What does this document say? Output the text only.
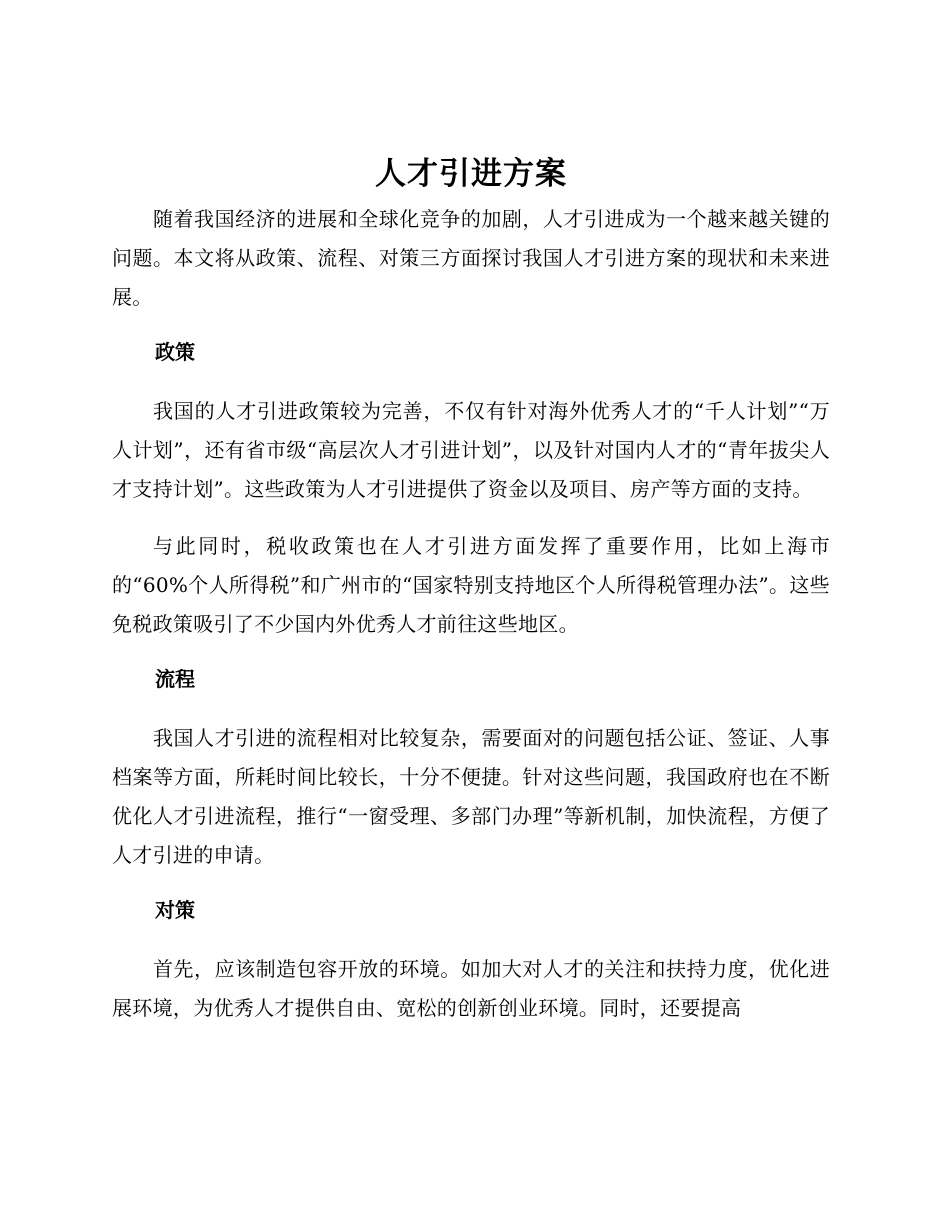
人才引进方案

随着我国经济的进展和全球化竞争的加剧，人才引进成为一个越来越关键的问题。本文将从政策、流程、对策三方面探讨我国人才引进方案的现状和未来进展。

政策

我国的人才引进政策较为完善，不仅有针对海外优秀人才的“千人计划”“万人计划”，还有省市级“高层次人才引进计划”，以及针对国内人才的“青年拔尖人才支持计划”。这些政策为人才引进提供了资金以及项目、房产等方面的支持。

与此同时，税收政策也在人才引进方面发挥了重要作用，比如上海市的“60%个人所得税”和广州市的“国家特别支持地区个人所得税管理办法”。这些免税政策吸引了不少国内外优秀人才前往这些地区。

流程

我国人才引进的流程相对比较复杂，需要面对的问题包括公证、签证、人事档案等方面，所耗时间比较长，十分不便捷。针对这些问题，我国政府也在不断优化人才引进流程，推行“一窗受理、多部门办理”等新机制，加快流程，方便了人才引进的申请。

对策

首先，应该制造包容开放的环境。如加大对人才的关注和扶持力度，优化进展环境，为优秀人才提供自由、宽松的创新创业环境。同时，还要提高
